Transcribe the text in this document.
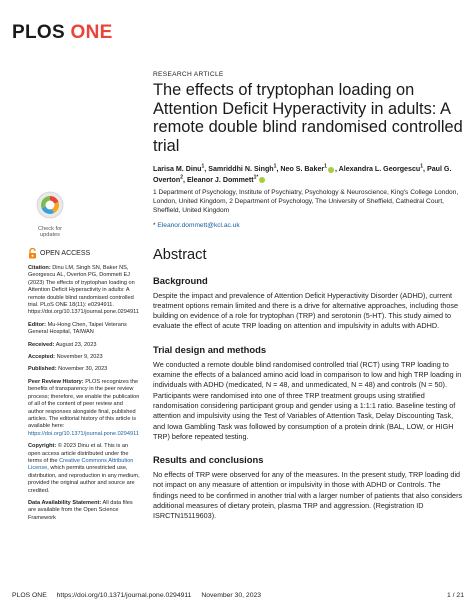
PLOS ONE
Check for
updates
OPEN ACCESS

Citation: Dinu LM, Singh SN, Baker NS, Georgescu AL, Overton PG, Dommett EJ (2023) The effects of tryptophan loading on Attention Deficit Hyperactivity in adults: A remote double blind randomised controlled trial. PLoS ONE 18(11): e0294911. https://doi.org/10.1371/journal.pone.0294911

Editor: Mu-Hong Chen, Taipei Veterans General Hospital, TAIWAN

Received: August 23, 2023

Accepted: November 9, 2023

Published: November 30, 2023

Peer Review History: PLOS recognizes the benefits of transparency in the peer review process; therefore, we enable the publication of all of the content of peer review and author responses alongside final, published articles. The editorial history of this article is available here: https://doi.org/10.1371/journal.pone.0294911

Copyright: © 2023 Dinu et al. This is an open access article distributed under the terms of the Creative Commons Attribution License, which permits unrestricted use, distribution, and reproduction in any medium, provided the original author and source are credited.

Data Availability Statement: All data files are available from the Open Science Framework

RESEARCH ARTICLE
The effects of tryptophan loading on Attention Deficit Hyperactivity in adults: A remote double blind randomised controlled trial
Larisa M. Dinu$^1$, Samriddhi N. Singh$^1$, Neo S. Baker$^1$ , Alexandra L. Georgescu$^1$, Paul G. Overton$^2$, Eleanor J. Dommett$^{1*}$
1 Department of Psychology, Institute of Psychiatry, Psychology & Neuroscience, King's College London, London, United Kingdom, 2 Department of Psychology, The University of Sheffield, Cathedral Court, Sheffield, United Kingdom
* Eleanor.dommett@kcl.ac.uk
Abstract
Background

Despite the impact and prevalence of Attention Deficit Hyperactivity Disorder (ADHD), current treatment options remain limited and there is a drive for alternative approaches, including those building on evidence of a role for tryptophan (TRP) and serotonin (5-HT). This study aimed to evaluate the effect of acute TRP loading on attention and impulsivity in adults with ADHD.

Trial design and methods

We conducted a remote double blind randomised controlled trial (RCT) using TRP loading to examine the effects of a balanced amino acid load in comparison to low and high TRP loading in individuals with ADHD (medicated, N = 48, and unmedicated, N = 48) and controls (N = 50). Participants were randomised into one of three TRP treatment groups using stratified randomisation considering participant group and gender using a 1:1:1 ratio. Baseline testing of attention and impulsivity using the Test of Variables of Attention Task, Delay Discounting Task, and Iowa Gambling Task was followed by consumption of a protein drink (BAL, LOW, or HIGH TRP) before repeated testing.

Results and conclusions

No effects of TRP were observed for any of the measures. In the present study, TRP loading did not impact on any measure of attention or impulsivity in those with ADHD or Controls. The findings need to be confirmed in another trial with a larger number of patients that also considers additional measures of dietary protein, plasma TRP and aggression. (Registration ID ISRCTN15119603).

PLOS ONE https://doi.org/10.1371/journal.pone.0294911 November 30, 2023	1 / 21
